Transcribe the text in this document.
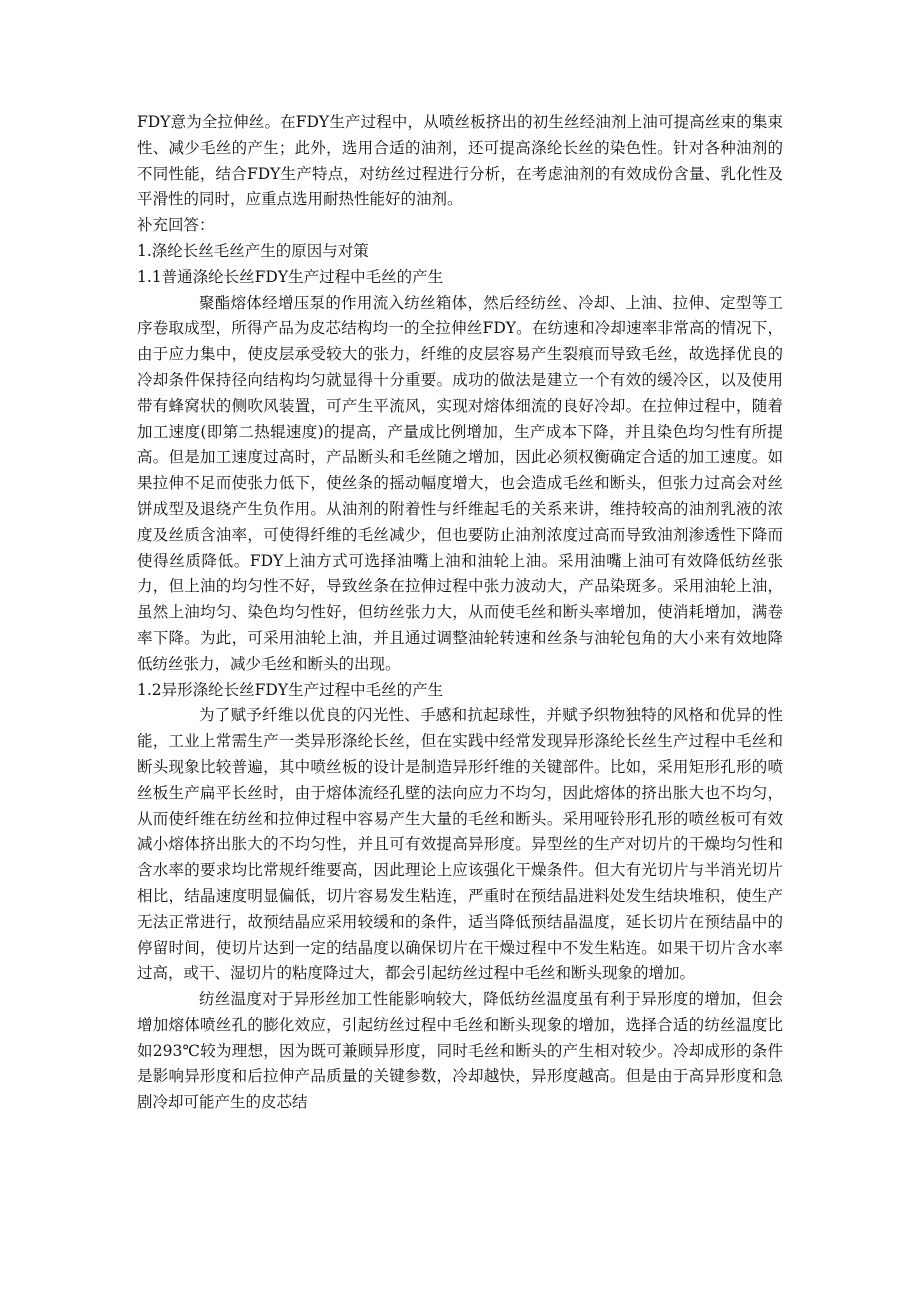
FDY意为全拉伸丝。在FDY生产过程中，从喷丝板挤出的初生丝经油剂上油可提高丝束的集束性、减少毛丝的产生；此外，选用合适的油剂，还可提高涤纶长丝的染色性。针对各种油剂的不同性能，结合FDY生产特点，对纺丝过程进行分析，在考虑油剂的有效成份含量、乳化性及平滑性的同时，应重点选用耐热性能好的油剂。

补充回答：

1.涤纶长丝毛丝产生的原因与对策

1.1普通涤纶长丝FDY生产过程中毛丝的产生

聚酯熔体经增压泵的作用流入纺丝箱体，然后经纺丝、冷却、上油、拉伸、定型等工序卷取成型，所得产品为皮芯结构均一的全拉伸丝FDY。在纺速和冷却速率非常高的情况下，由于应力集中，使皮层承受较大的张力，纤维的皮层容易产生裂痕而导致毛丝，故选择优良的冷却条件保持径向结构均匀就显得十分重要。成功的做法是建立一个有效的缓冷区，以及使用带有蜂窝状的侧吹风装置，可产生平流风，实现对熔体细流的良好冷却。在拉伸过程中，随着加工速度(即第二热辊速度)的提高，产量成比例增加，生产成本下降，并且染色均匀性有所提高。但是加工速度过高时，产品断头和毛丝随之增加，因此必须权衡确定合适的加工速度。如果拉伸不足而使张力低下，使丝条的摇动幅度增大，也会造成毛丝和断头，但张力过高会对丝饼成型及退绕产生负作用。从油剂的附着性与纤维起毛的关系来讲，维持较高的油剂乳液的浓度及丝质含油率，可使得纤维的毛丝减少，但也要防止油剂浓度过高而导致油剂渗透性下降而使得丝质降低。FDY上油方式可选择油嘴上油和油轮上油。采用油嘴上油可有效降低纺丝张力，但上油的均匀性不好，导致丝条在拉伸过程中张力波动大，产品染斑多。采用油轮上油，虽然上油均匀、染色均匀性好，但纺丝张力大，从而使毛丝和断头率增加，使消耗增加，满卷率下降。为此，可采用油轮上油，并且通过调整油轮转速和丝条与油轮包角的大小来有效地降低纺丝张力，减少毛丝和断头的出现。

1.2异形涤纶长丝FDY生产过程中毛丝的产生

为了赋予纤维以优良的闪光性、手感和抗起球性，并赋予织物独特的风格和优异的性能，工业上常需生产一类异形涤纶长丝，但在实践中经常发现异形涤纶长丝生产过程中毛丝和断头现象比较普遍，其中喷丝板的设计是制造异形纤维的关键部件。比如，采用矩形孔形的喷丝板生产扁平长丝时，由于熔体流经孔壁的法向应力不均匀，因此熔体的挤出胀大也不均匀，从而使纤维在纺丝和拉伸过程中容易产生大量的毛丝和断头。采用哑铃形孔形的喷丝板可有效减小熔体挤出胀大的不均匀性，并且可有效提高异形度。异型丝的生产对切片的干燥均匀性和含水率的要求均比常规纤维要高，因此理论上应该强化干燥条件。但大有光切片与半消光切片相比，结晶速度明显偏低，切片容易发生粘连，严重时在预结晶进料处发生结块堆积，使生产无法正常进行，故预结晶应采用较缓和的条件，适当降低预结晶温度，延长切片在预结晶中的停留时间，使切片达到一定的结晶度以确保切片在干燥过程中不发生粘连。如果干切片含水率过高，或干、湿切片的粘度降过大，都会引起纺丝过程中毛丝和断头现象的增加。

纺丝温度对于异形丝加工性能影响较大，降低纺丝温度虽有利于异形度的增加，但会增加熔体喷丝孔的膨化效应，引起纺丝过程中毛丝和断头现象的增加，选择合适的纺丝温度比如293℃较为理想，因为既可兼顾异形度，同时毛丝和断头的产生相对较少。冷却成形的条件是影响异形度和后拉伸产品质量的关键参数，冷却越快，异形度越高。但是由于高异形度和急剧冷却可能产生的皮芯结
